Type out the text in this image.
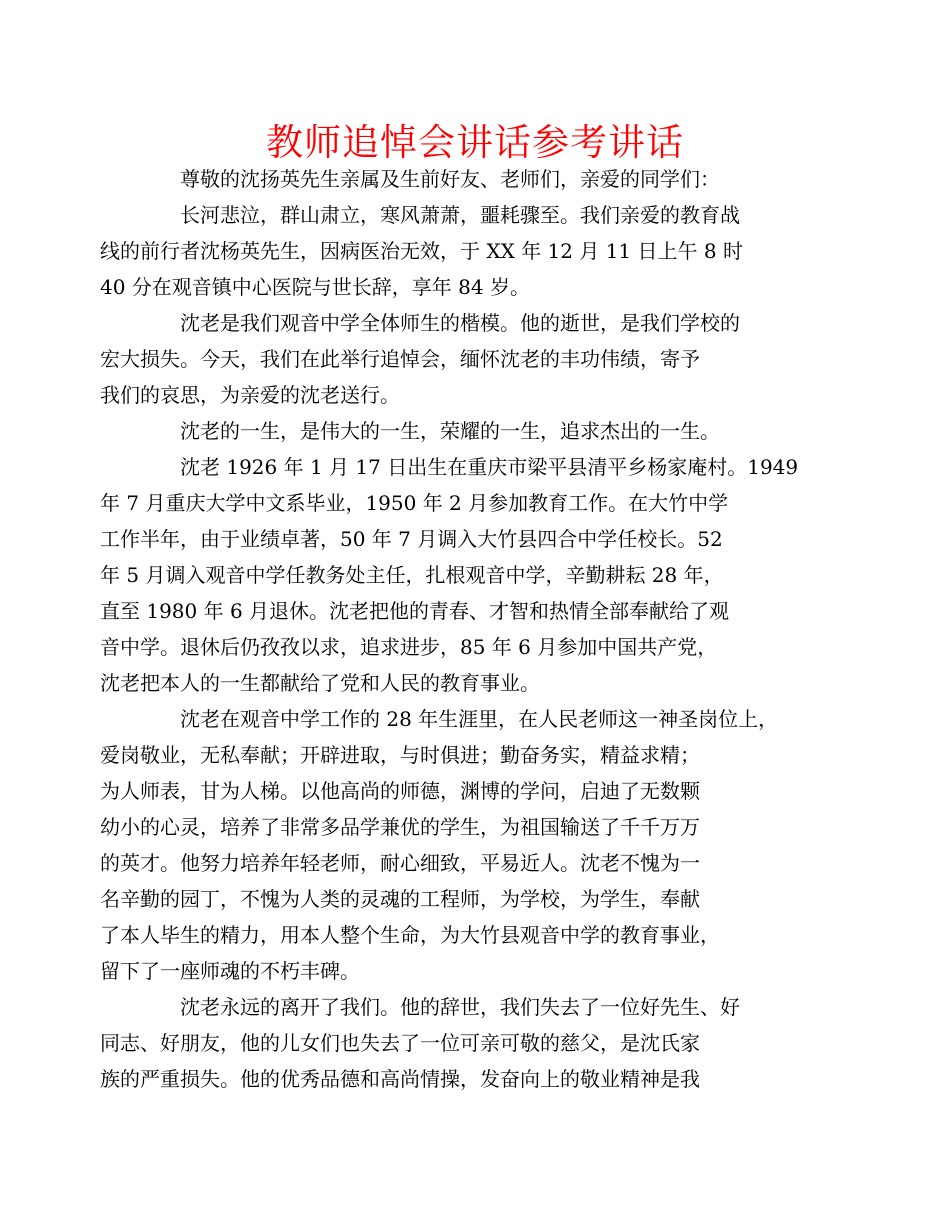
教师追悼会讲话参考讲话

尊敬的沈扬英先生亲属及生前好友、老师们，亲爱的同学们：

长河悲泣，群山肃立，寒风萧萧，噩耗骤至。我们亲爱的教育战
线的前行者沈杨英先生，因病医治无效，于 XX 年 12 月 11 日上午 8 时
40 分在观音镇中心医院与世长辞，享年 84 岁。

沈老是我们观音中学全体师生的楷模。他的逝世，是我们学校的
宏大损失。今天，我们在此举行追悼会，缅怀沈老的丰功伟绩，寄予
我们的哀思，为亲爱的沈老送行。

沈老的一生，是伟大的一生，荣耀的一生，追求杰出的一生。

沈老 1926 年 1 月 17 日出生在重庆市梁平县清平乡杨家庵村。1949
年 7 月重庆大学中文系毕业，1950 年 2 月参加教育工作。在大竹中学
工作半年，由于业绩卓著，50 年 7 月调入大竹县四合中学任校长。52
年 5 月调入观音中学任教务处主任，扎根观音中学，辛勤耕耘 28 年，
直至 1980 年 6 月退休。沈老把他的青春、才智和热情全部奉献给了观
音中学。退休后仍孜孜以求，追求进步，85 年 6 月参加中国共产党，
沈老把本人的一生都献给了党和人民的教育事业。

沈老在观音中学工作的 28 年生涯里，在人民老师这一神圣岗位上，
爱岗敬业，无私奉献；开辟进取，与时俱进；勤奋务实，精益求精；
为人师表，甘为人梯。以他高尚的师德，渊博的学问，启迪了无数颗
幼小的心灵，培养了非常多品学兼优的学生，为祖国输送了千千万万
的英才。他努力培养年轻老师，耐心细致，平易近人。沈老不愧为一
名辛勤的园丁，不愧为人类的灵魂的工程师，为学校，为学生，奉献
了本人毕生的精力，用本人整个生命，为大竹县观音中学的教育事业，
留下了一座师魂的不朽丰碑。

沈老永远的离开了我们。他的辞世，我们失去了一位好先生、好
同志、好朋友，他的儿女们也失去了一位可亲可敬的慈父，是沈氏家
族的严重损失。他的优秀品德和高尚情操，发奋向上的敬业精神是我
